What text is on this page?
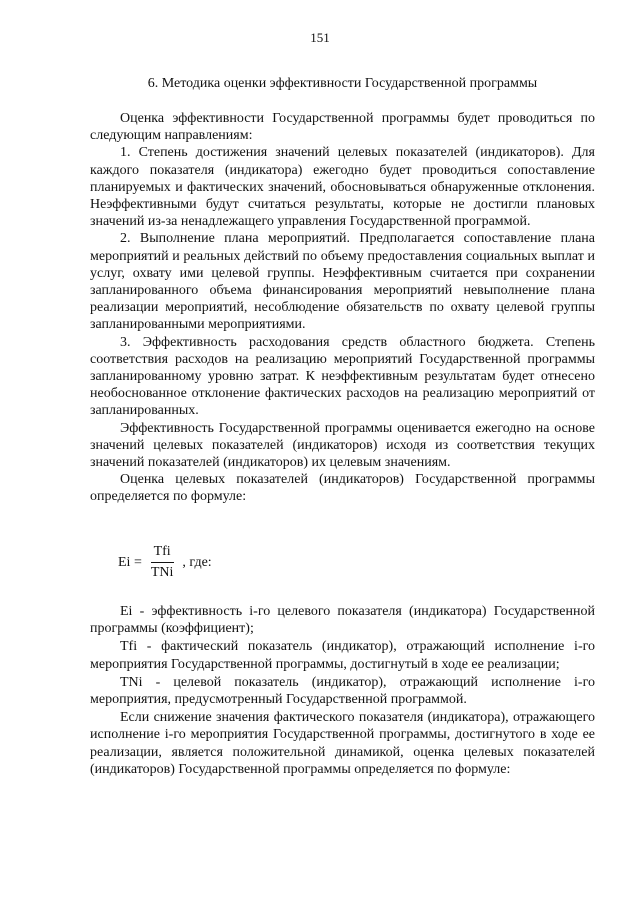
151
6. Методика оценки эффективности Государственной программы

Оценка эффективности Государственной программы будет проводиться по следующим направлениям:

1. Степень достижения значений целевых показателей (индикаторов). Для каждого показателя (индикатора) ежегодно будет проводиться сопоставление планируемых и фактических значений, обосновываться обнаруженные отклонения. Неэффективными будут считаться результаты, которые не достигли плановых значений из-за ненадлежащего управления Государственной программой.

2. Выполнение плана мероприятий. Предполагается сопоставление плана мероприятий и реальных действий по объему предоставления социальных выплат и услуг, охвату ими целевой группы. Неэффективным считается при сохранении запланированного объема финансирования мероприятий невыполнение плана реализации мероприятий, несоблюдение обязательств по охвату целевой группы запланированными мероприятиями.

3. Эффективность расходования средств областного бюджета. Степень соответствия расходов на реализацию мероприятий Государственной программы запланированному уровню затрат. К неэффективным результатам будет отнесено необоснованное отклонение фактических расходов на реализацию мероприятий от запланированных.

Эффективность Государственной программы оценивается ежегодно на основе значений целевых показателей (индикаторов) исходя из соответствия текущих значений показателей (индикаторов) их целевым значениям.

Оценка целевых показателей (индикаторов) Государственной программы определяется по формуле:

$Ei = \frac{\text{Tfi}}{\text{TNi}}$ , где:

Ei - эффективность i-го целевого показателя (индикатора) Государственной программы (коэффициент);

Tfi - фактический показатель (индикатор), отражающий исполнение i-го мероприятия Государственной программы, достигнутый в ходе ее реализации;

TNi - целевой показатель (индикатор), отражающий исполнение i-го мероприятия, предусмотренный Государственной программой.

Если снижение значения фактического показателя (индикатора), отражающего исполнение i-го мероприятия Государственной программы, достигнутого в ходе ее реализации, является положительной динамикой, оценка целевых показателей (индикаторов) Государственной программы определяется по формуле:
